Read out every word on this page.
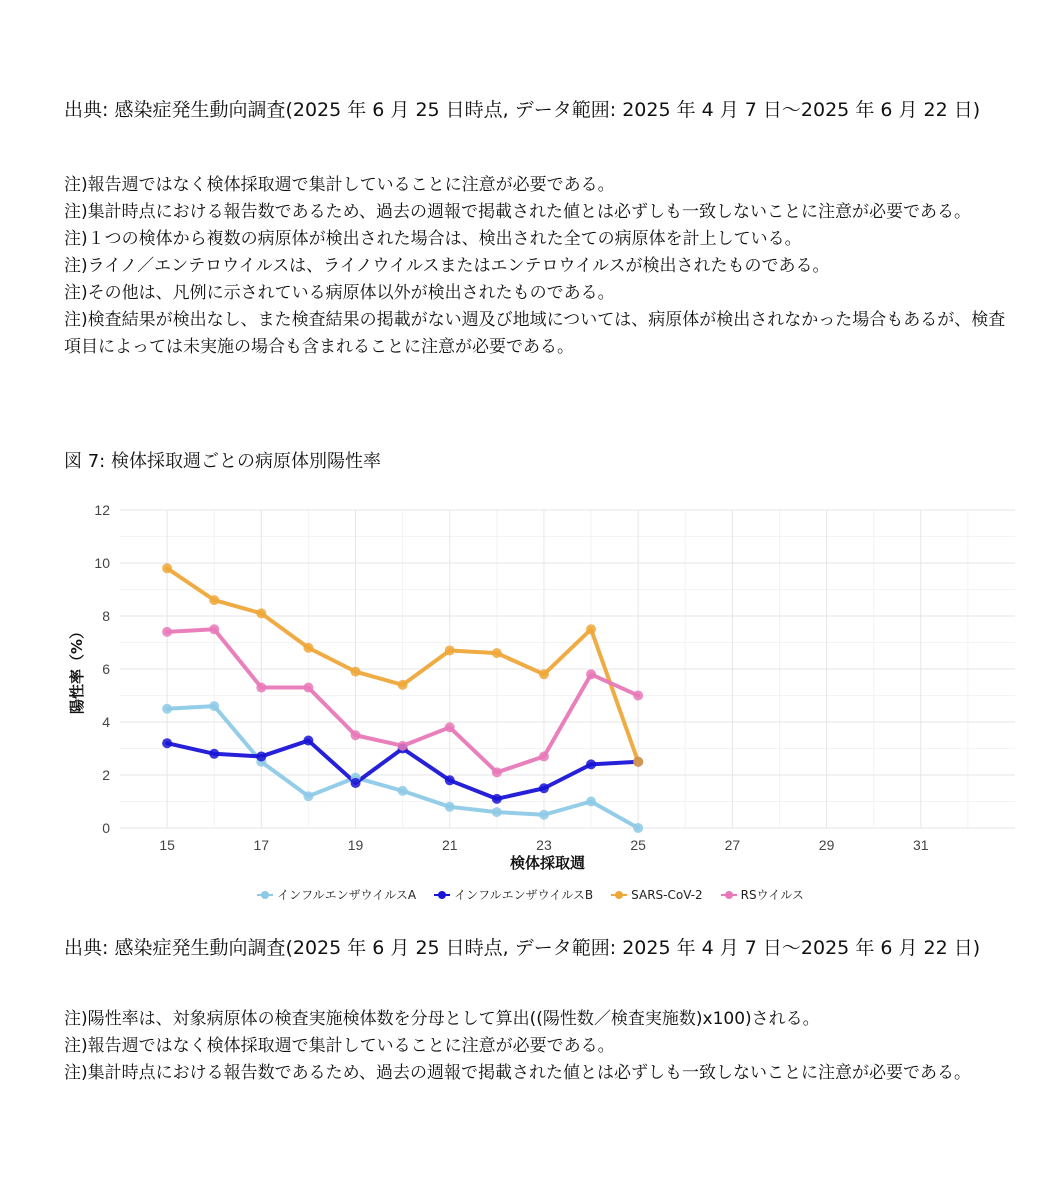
出典: 感染症発生動向調査(2025 年 6 月 25 日時点, データ範囲: 2025 年 4 月 7 日〜2025 年 6 月 22 日)
注)報告週ではなく検体採取週で集計していることに注意が必要である。
注)集計時点における報告数であるため、過去の週報で掲載された値とは必ずしも一致しないことに注意が必要である。
注)１つの検体から複数の病原体が検出された場合は、検出された全ての病原体を計上している。
注)ライノ／エンテロウイルスは、ライノウイルスまたはエンテロウイルスが検出されたものである。
注)その他は、凡例に示されている病原体以外が検出されたものである。
注)検査結果が検出なし、また検査結果の掲載がない週及び地域については、病原体が検出されなかった場合もあるが、検査項目によっては未実施の場合も含まれることに注意が必要である。
図 7: 検体採取週ごとの病原体別陽性率
0
2
4
6
8
10
12
15	17	19	21	23	25	27	29	31
検体採取週
陽性率（%）
インフルエンザウイルスA	インフルエンザウイルスB	SARS-CoV-2	RSウイルス
出典: 感染症発生動向調査(2025 年 6 月 25 日時点, データ範囲: 2025 年 4 月 7 日〜2025 年 6 月 22 日)
注)陽性率は、対象病原体の検査実施検体数を分母として算出((陽性数／検査実施数)x100)される。
注)報告週ではなく検体採取週で集計していることに注意が必要である。
注)集計時点における報告数であるため、過去の週報で掲載された値とは必ずしも一致しないことに注意が必要である。
